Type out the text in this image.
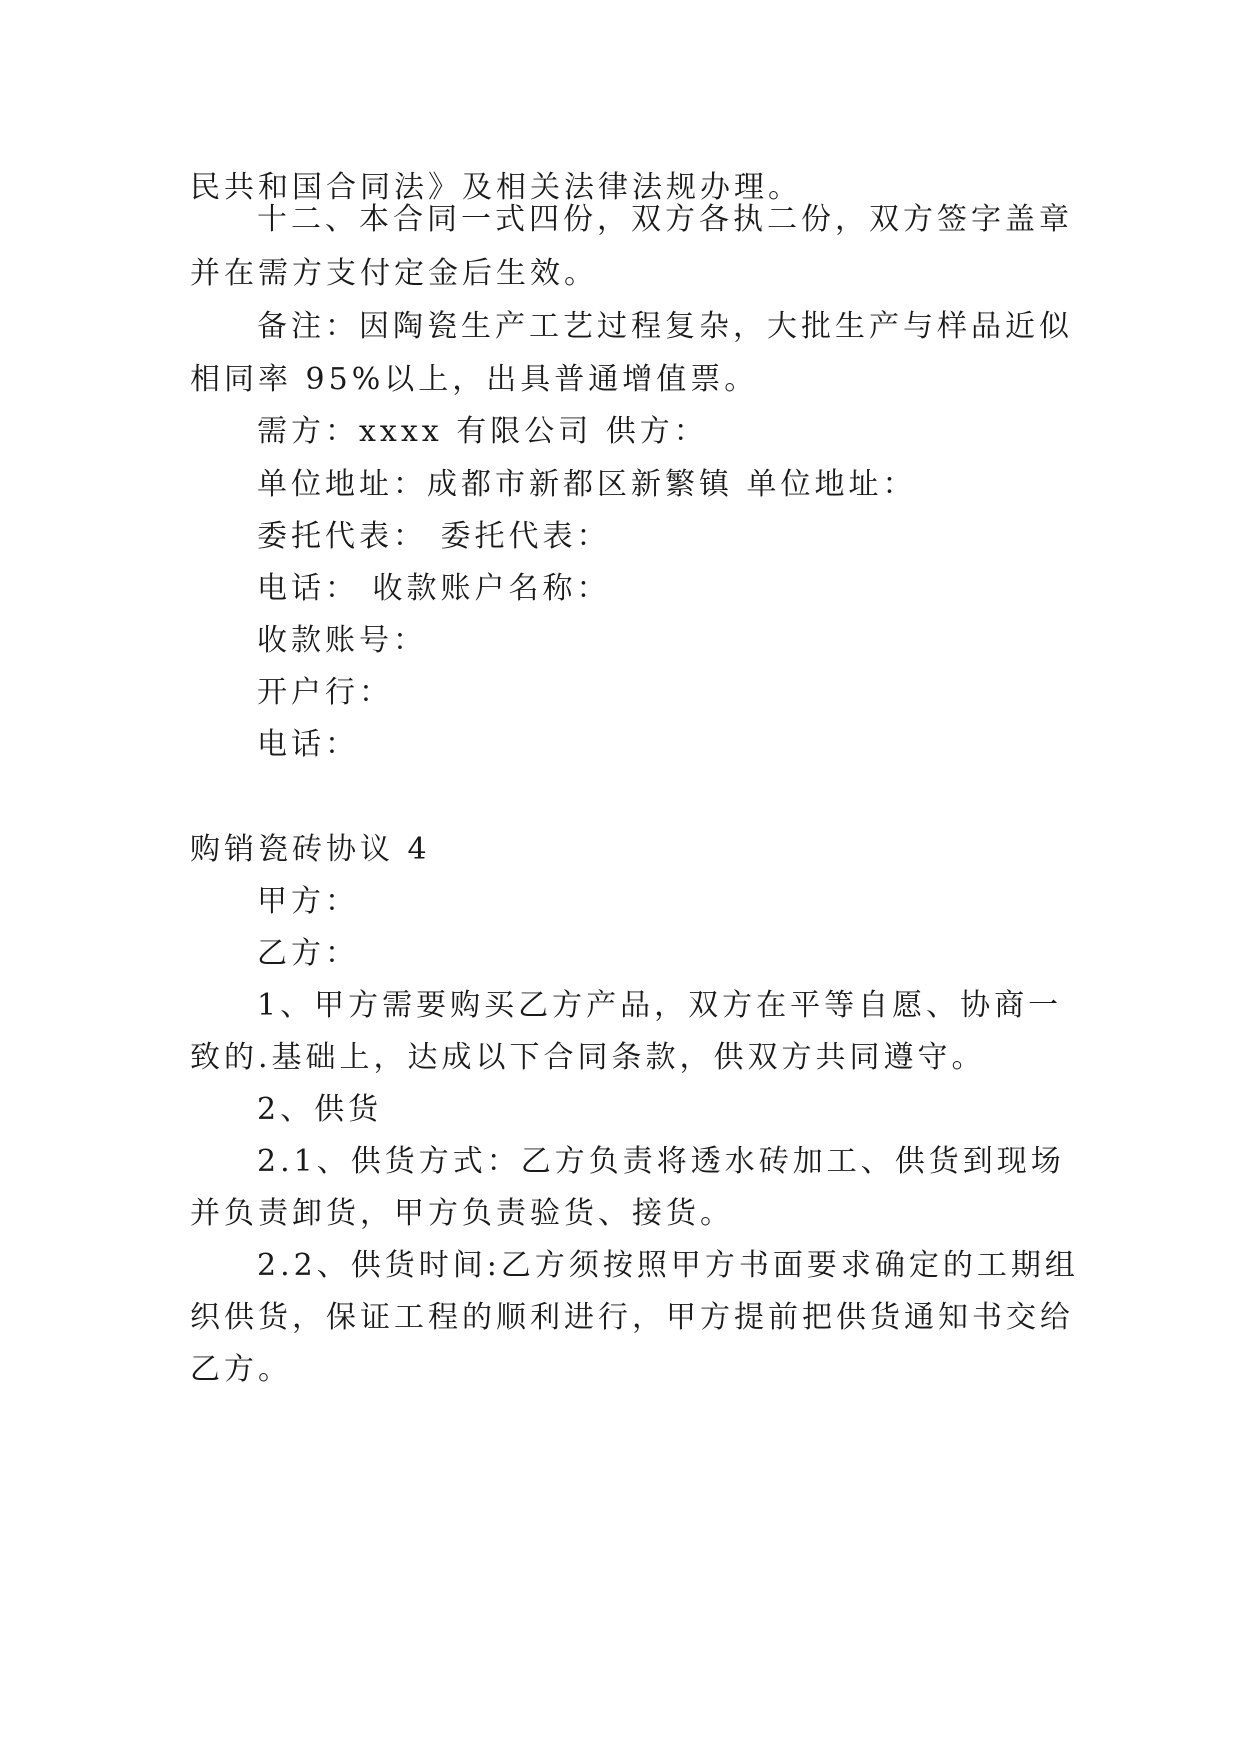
民共和国合同法》及相关法律法规办理。
十二、本合同一式四份，双方各执二份，双方签字盖章
并在需方支付定金后生效。
备注：因陶瓷生产工艺过程复杂，大批生产与样品近似
相同率 95%以上，出具普通增值票。
需方：xxxx 有限公司 供方：
单位地址：成都市新都区新繁镇 单位地址：
委托代表： 委托代表：
电话： 收款账户名称：
收款账号：
开户行：
电话：
购销瓷砖协议 4
甲方：
乙方：
1、甲方需要购买乙方产品，双方在平等自愿、协商一
致的.基础上，达成以下合同条款，供双方共同遵守。
2、供货
2.1、供货方式：乙方负责将透水砖加工、供货到现场
并负责卸货，甲方负责验货、接货。
2.2、供货时间:乙方须按照甲方书面要求确定的工期组
织供货，保证工程的顺利进行，甲方提前把供货通知书交给
乙方。
